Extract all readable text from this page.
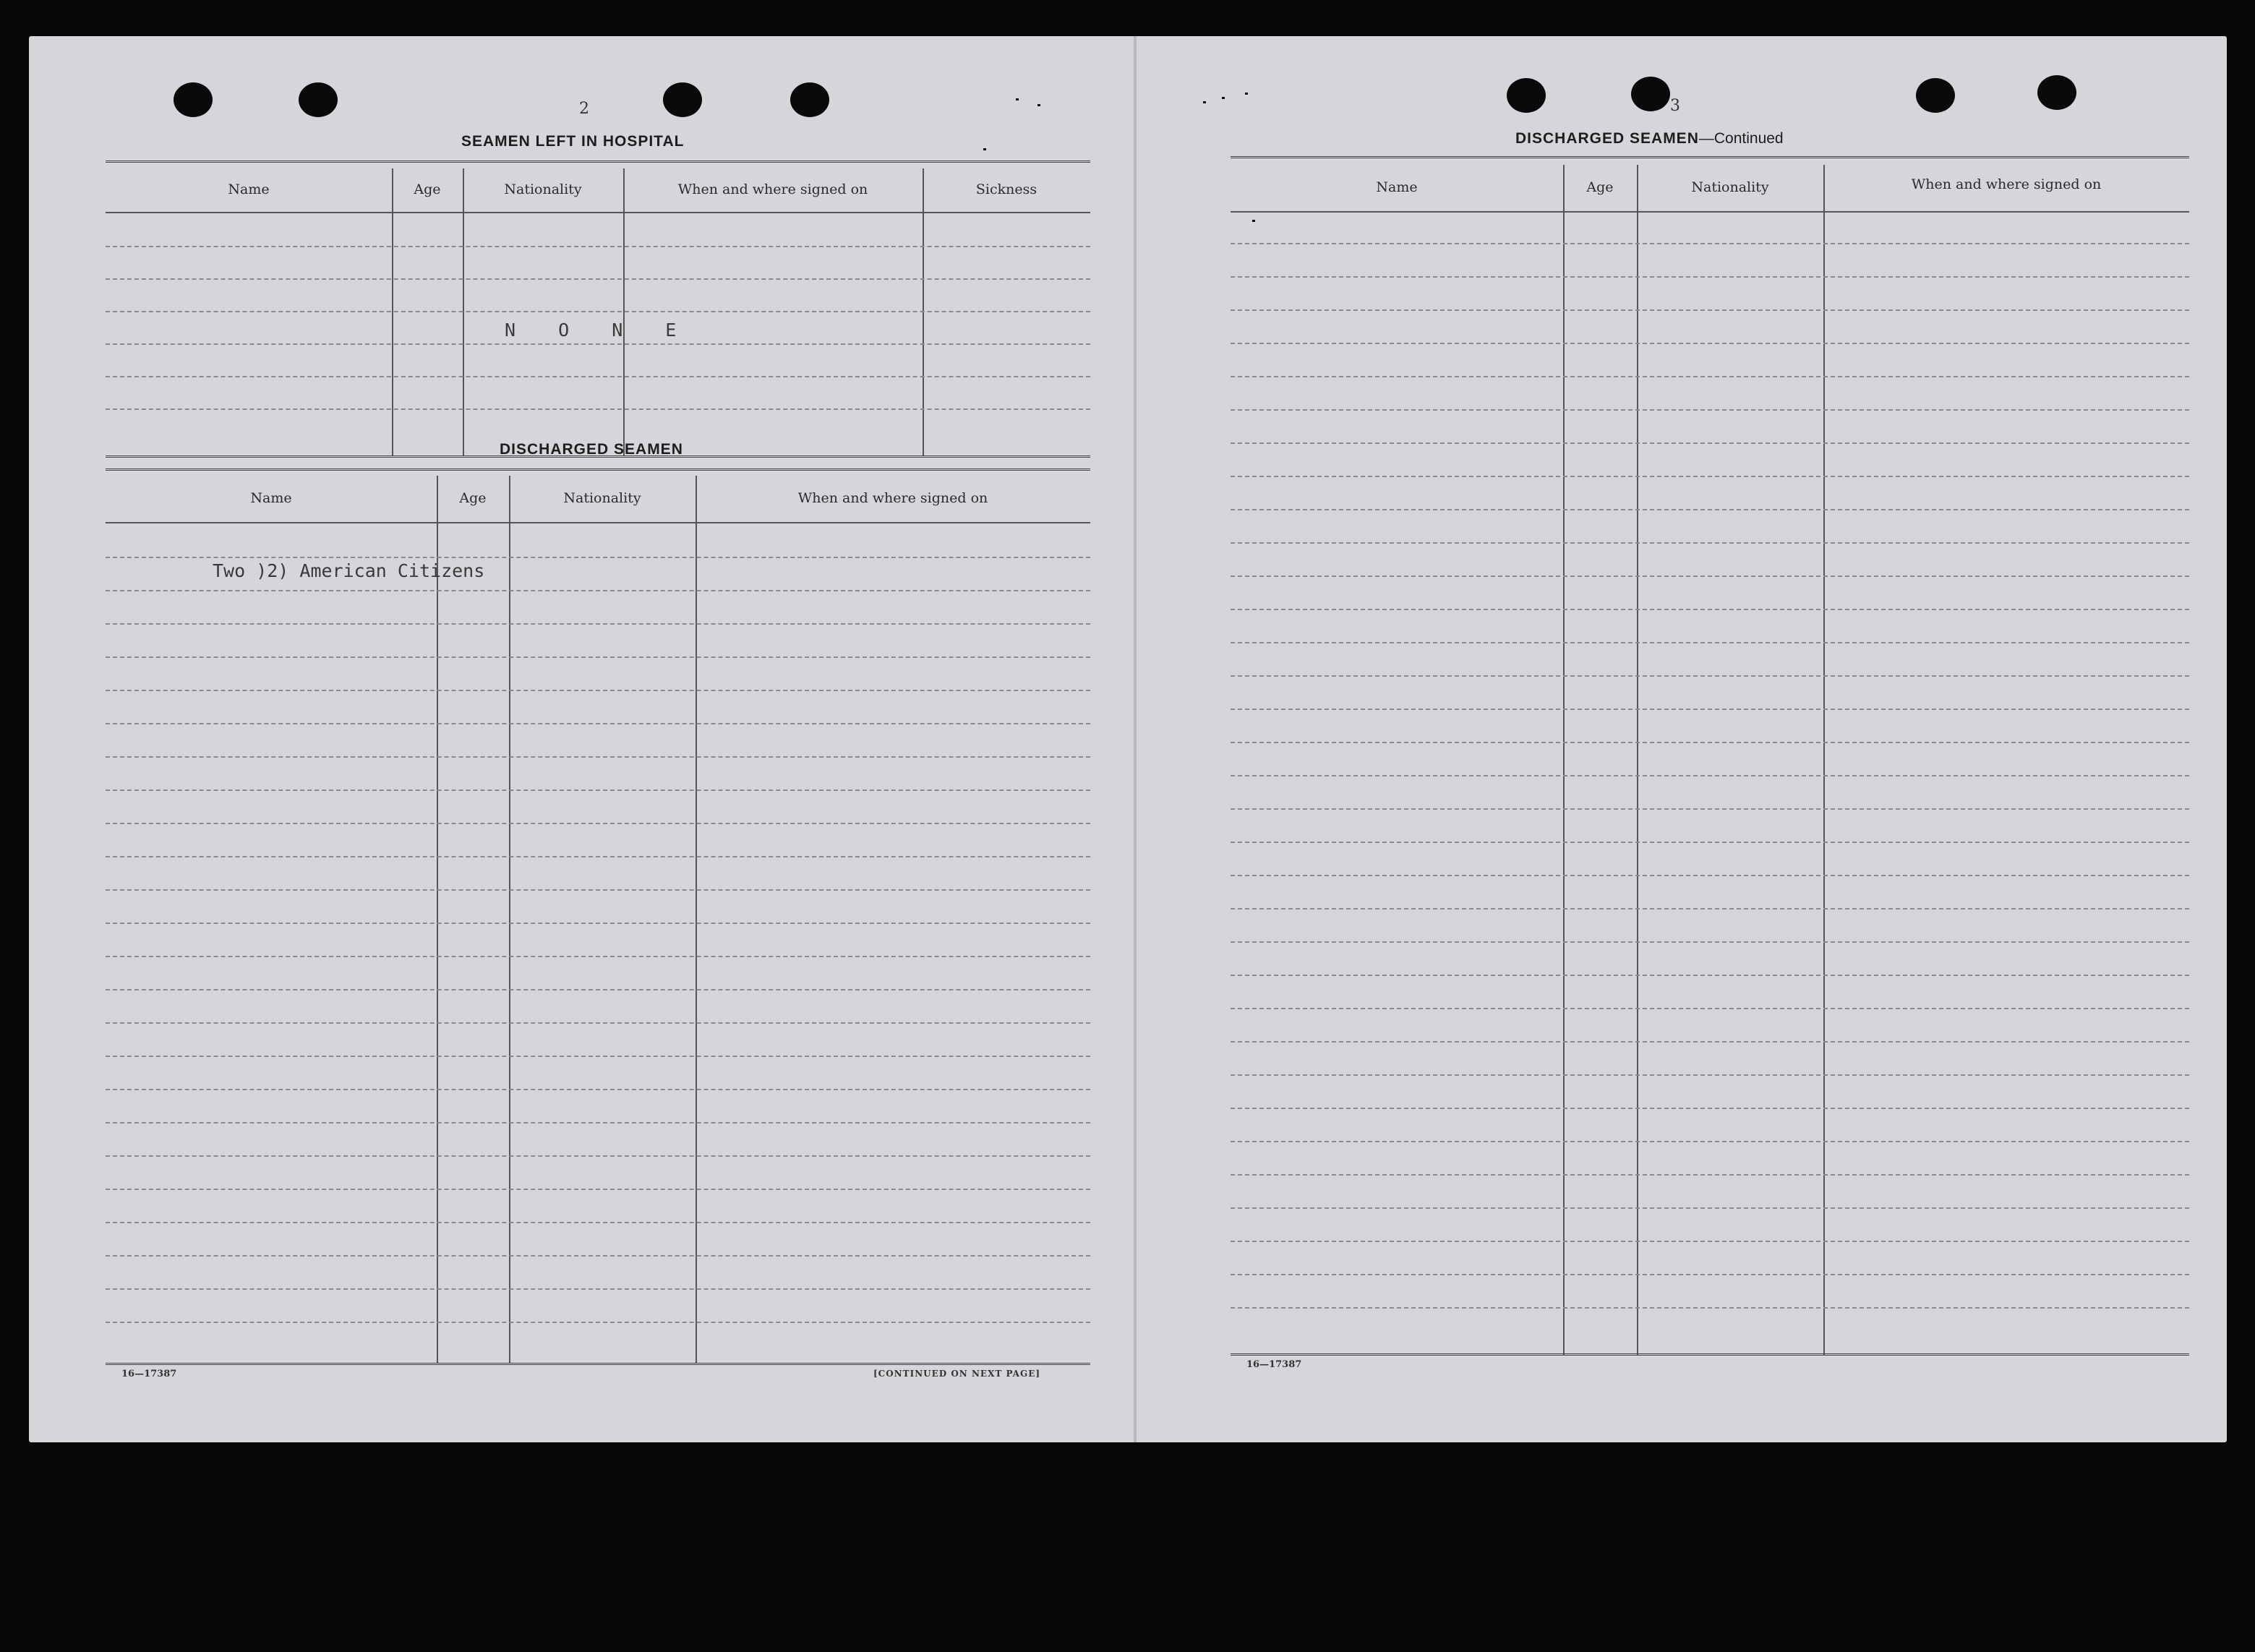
2
SEAMEN LEFT IN HOSPITAL
Name	Age	Nationality	When and where signed on	Sickness
N O N E
DISCHARGED SEAMEN
Name	Age	Nationality	When and where signed on
Two )2) American Citizens
16—17387	[CONTINUED ON NEXT PAGE]
3
DISCHARGED SEAMEN—Continued
Name	Age	Nationality	When and where signed on
16—17387
